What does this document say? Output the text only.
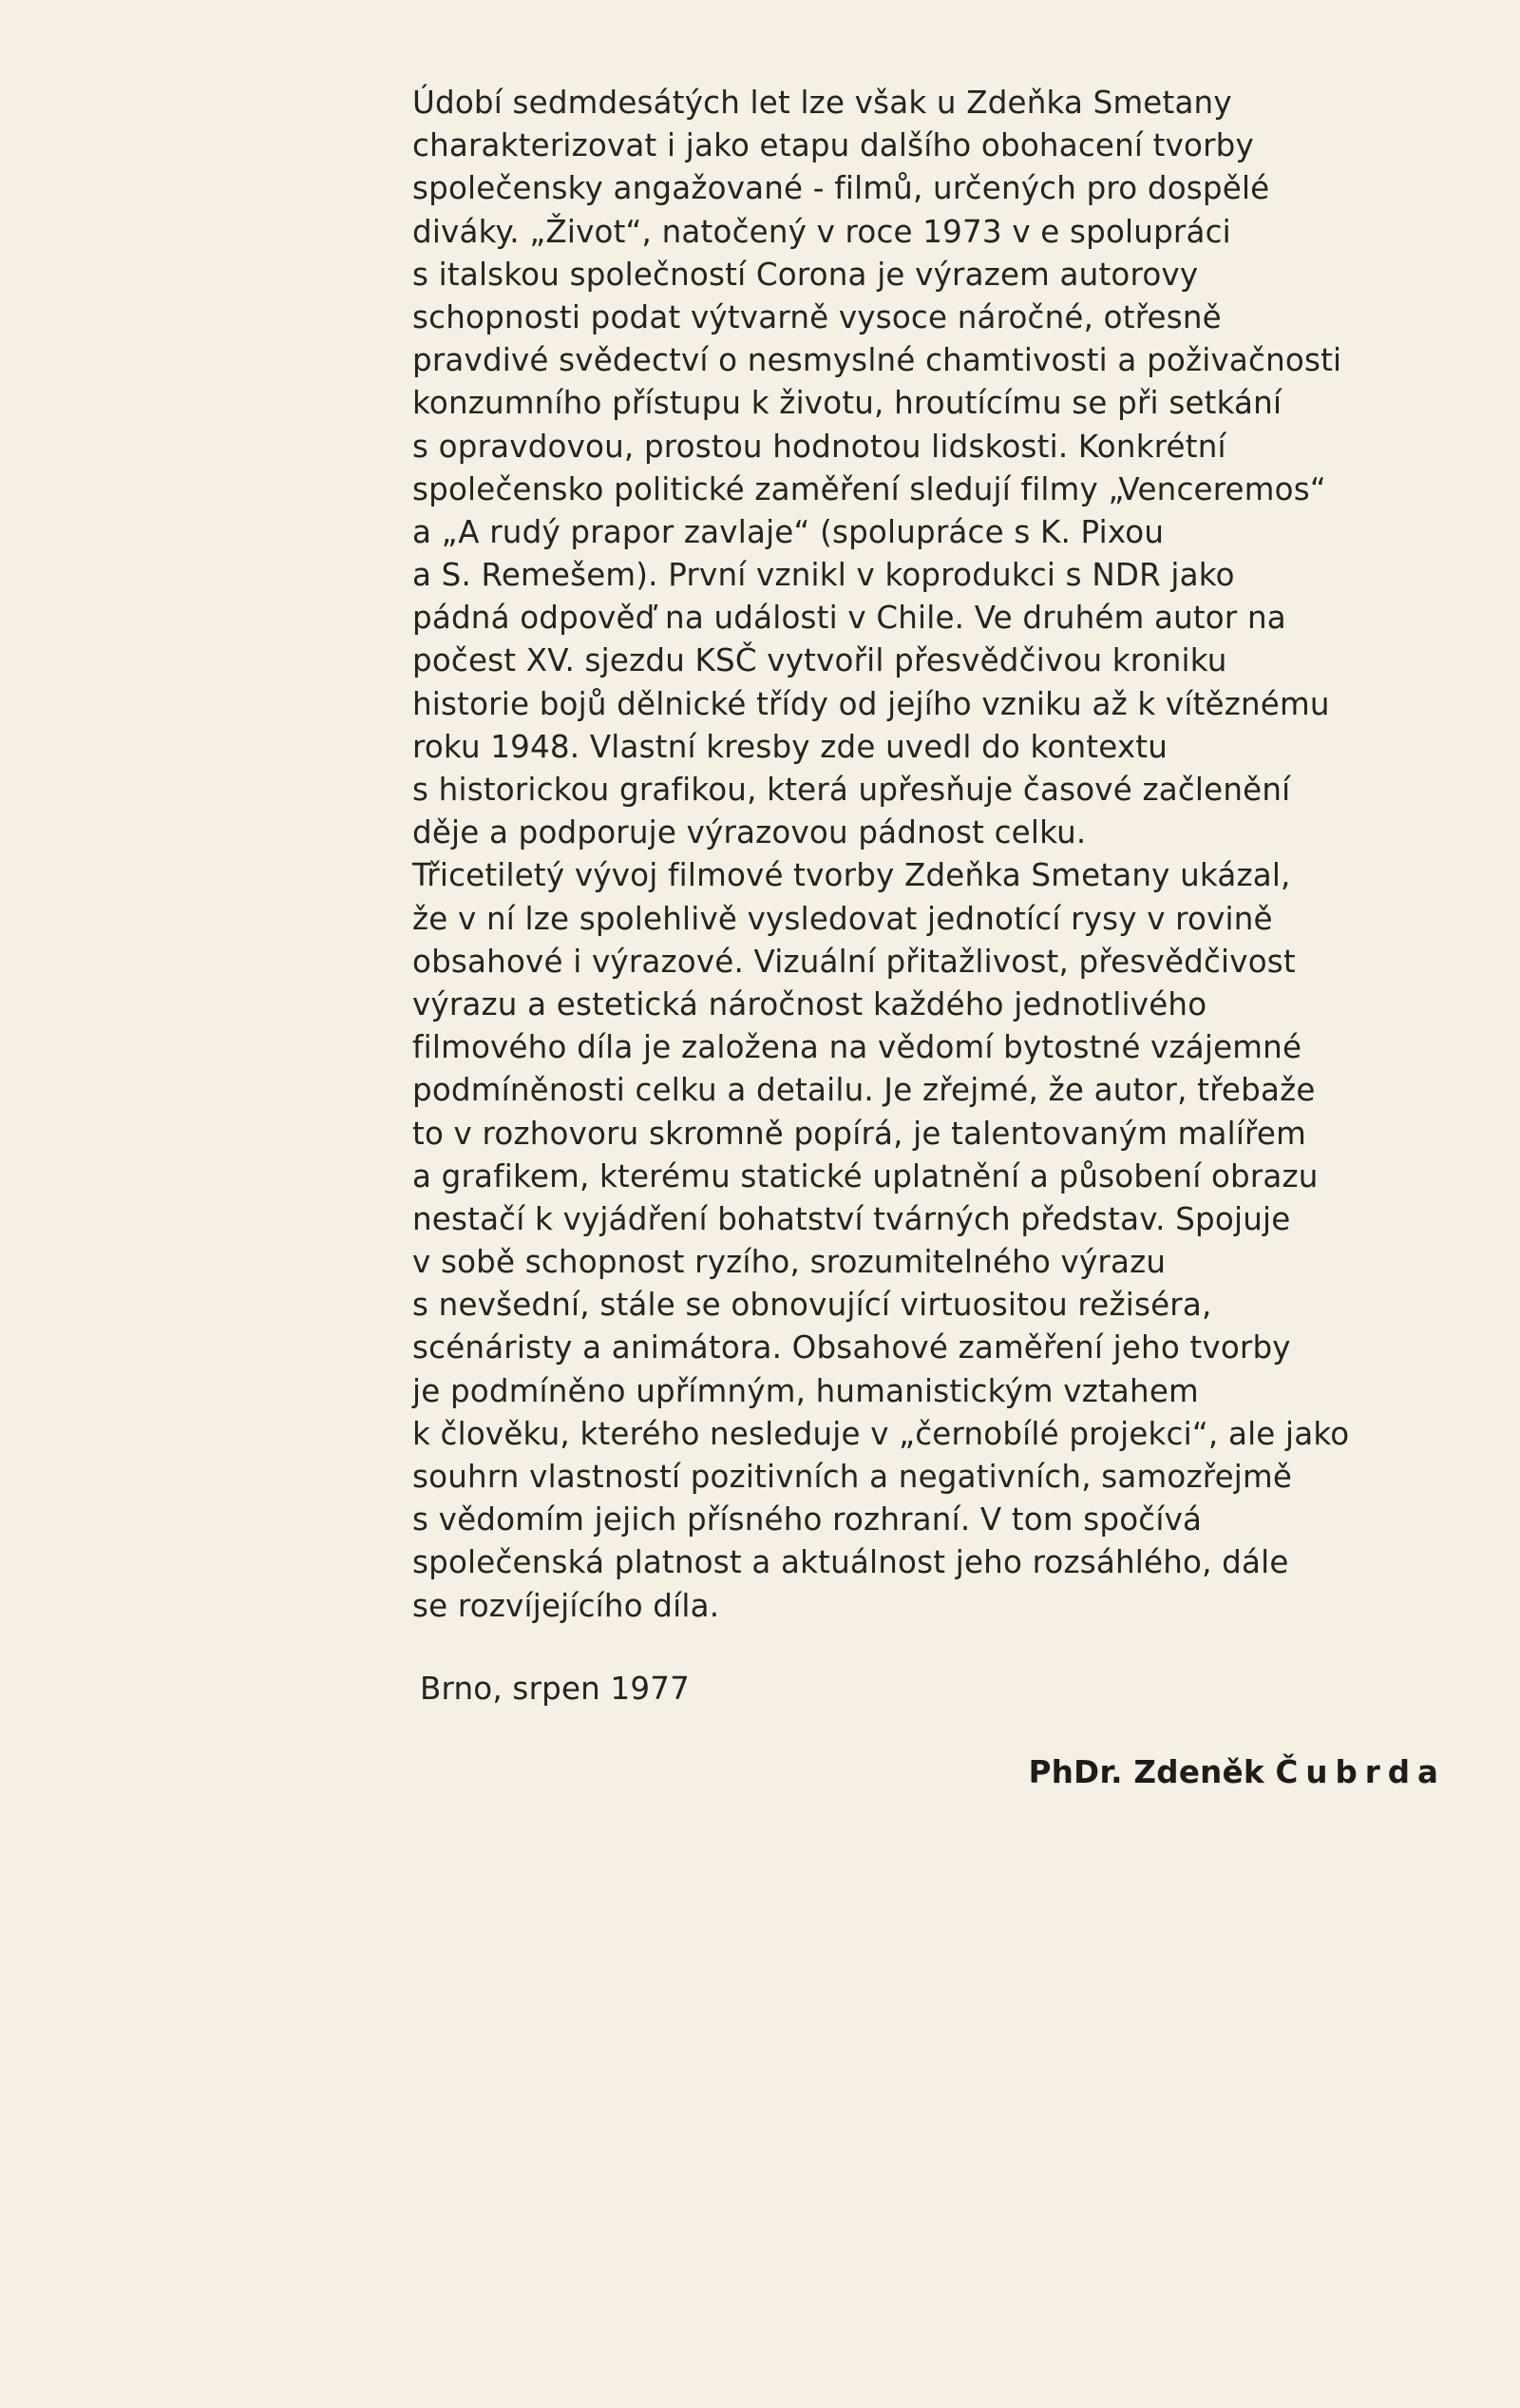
Údobí sedmdesátých let lze však u Zdeňka Smetany
charakterizovat i jako etapu dalšího obohacení tvorby
společensky angažované - filmů, určených pro dospělé
diváky. „Život“, natočený v roce 1973 v e spolupráci
s italskou společností Corona je výrazem autorovy
schopnosti podat výtvarně vysoce náročné, otřesně
pravdivé svědectví o nesmyslné chamtivosti a poživačnosti
konzumního přístupu k životu, hroutícímu se při setkání
s opravdovou, prostou hodnotou lidskosti. Konkrétní
společensko politické zaměření sledují filmy „Venceremos“
a „A rudý prapor zavlaje“ (spolupráce s K. Pixou
a S. Remešem). První vznikl v koprodukci s NDR jako
pádná odpověď na události v Chile. Ve druhém autor na
počest XV. sjezdu KSČ vytvořil přesvědčivou kroniku
historie bojů dělnické třídy od jejího vzniku až k vítěznému
roku 1948. Vlastní kresby zde uvedl do kontextu
s historickou grafikou, která upřesňuje časové začlenění
děje a podporuje výrazovou pádnost celku.
Třicetiletý vývoj filmové tvorby Zdeňka Smetany ukázal,
že v ní lze spolehlivě vysledovat jednotící rysy v rovině
obsahové i výrazové. Vizuální přitažlivost, přesvědčivost
výrazu a estetická náročnost každého jednotlivého
filmového díla je založena na vědomí bytostné vzájemné
podmíněnosti celku a detailu. Je zřejmé, že autor, třebaže
to v rozhovoru skromně popírá, je talentovaným malířem
a grafikem, kterému statické uplatnění a působení obrazu
nestačí k vyjádření bohatství tvárných představ. Spojuje
v sobě schopnost ryzího, srozumitelného výrazu
s nevšední, stále se obnovující virtuositou režiséra,
scénáristy a animátora. Obsahové zaměření jeho tvorby
je podmíněno upřímným, humanistickým vztahem
k člověku, kterého nesleduje v „černobílé projekci“, ale jako
souhrn vlastností pozitivních a negativních, samozřejmě
s vědomím jejich přísného rozhraní. V tom spočívá
společenská platnost a aktuálnost jeho rozsáhlého, dále
se rozvíjejícího díla.

Brno, srpen 1977

PhDr. Zdeněk Čubrda
